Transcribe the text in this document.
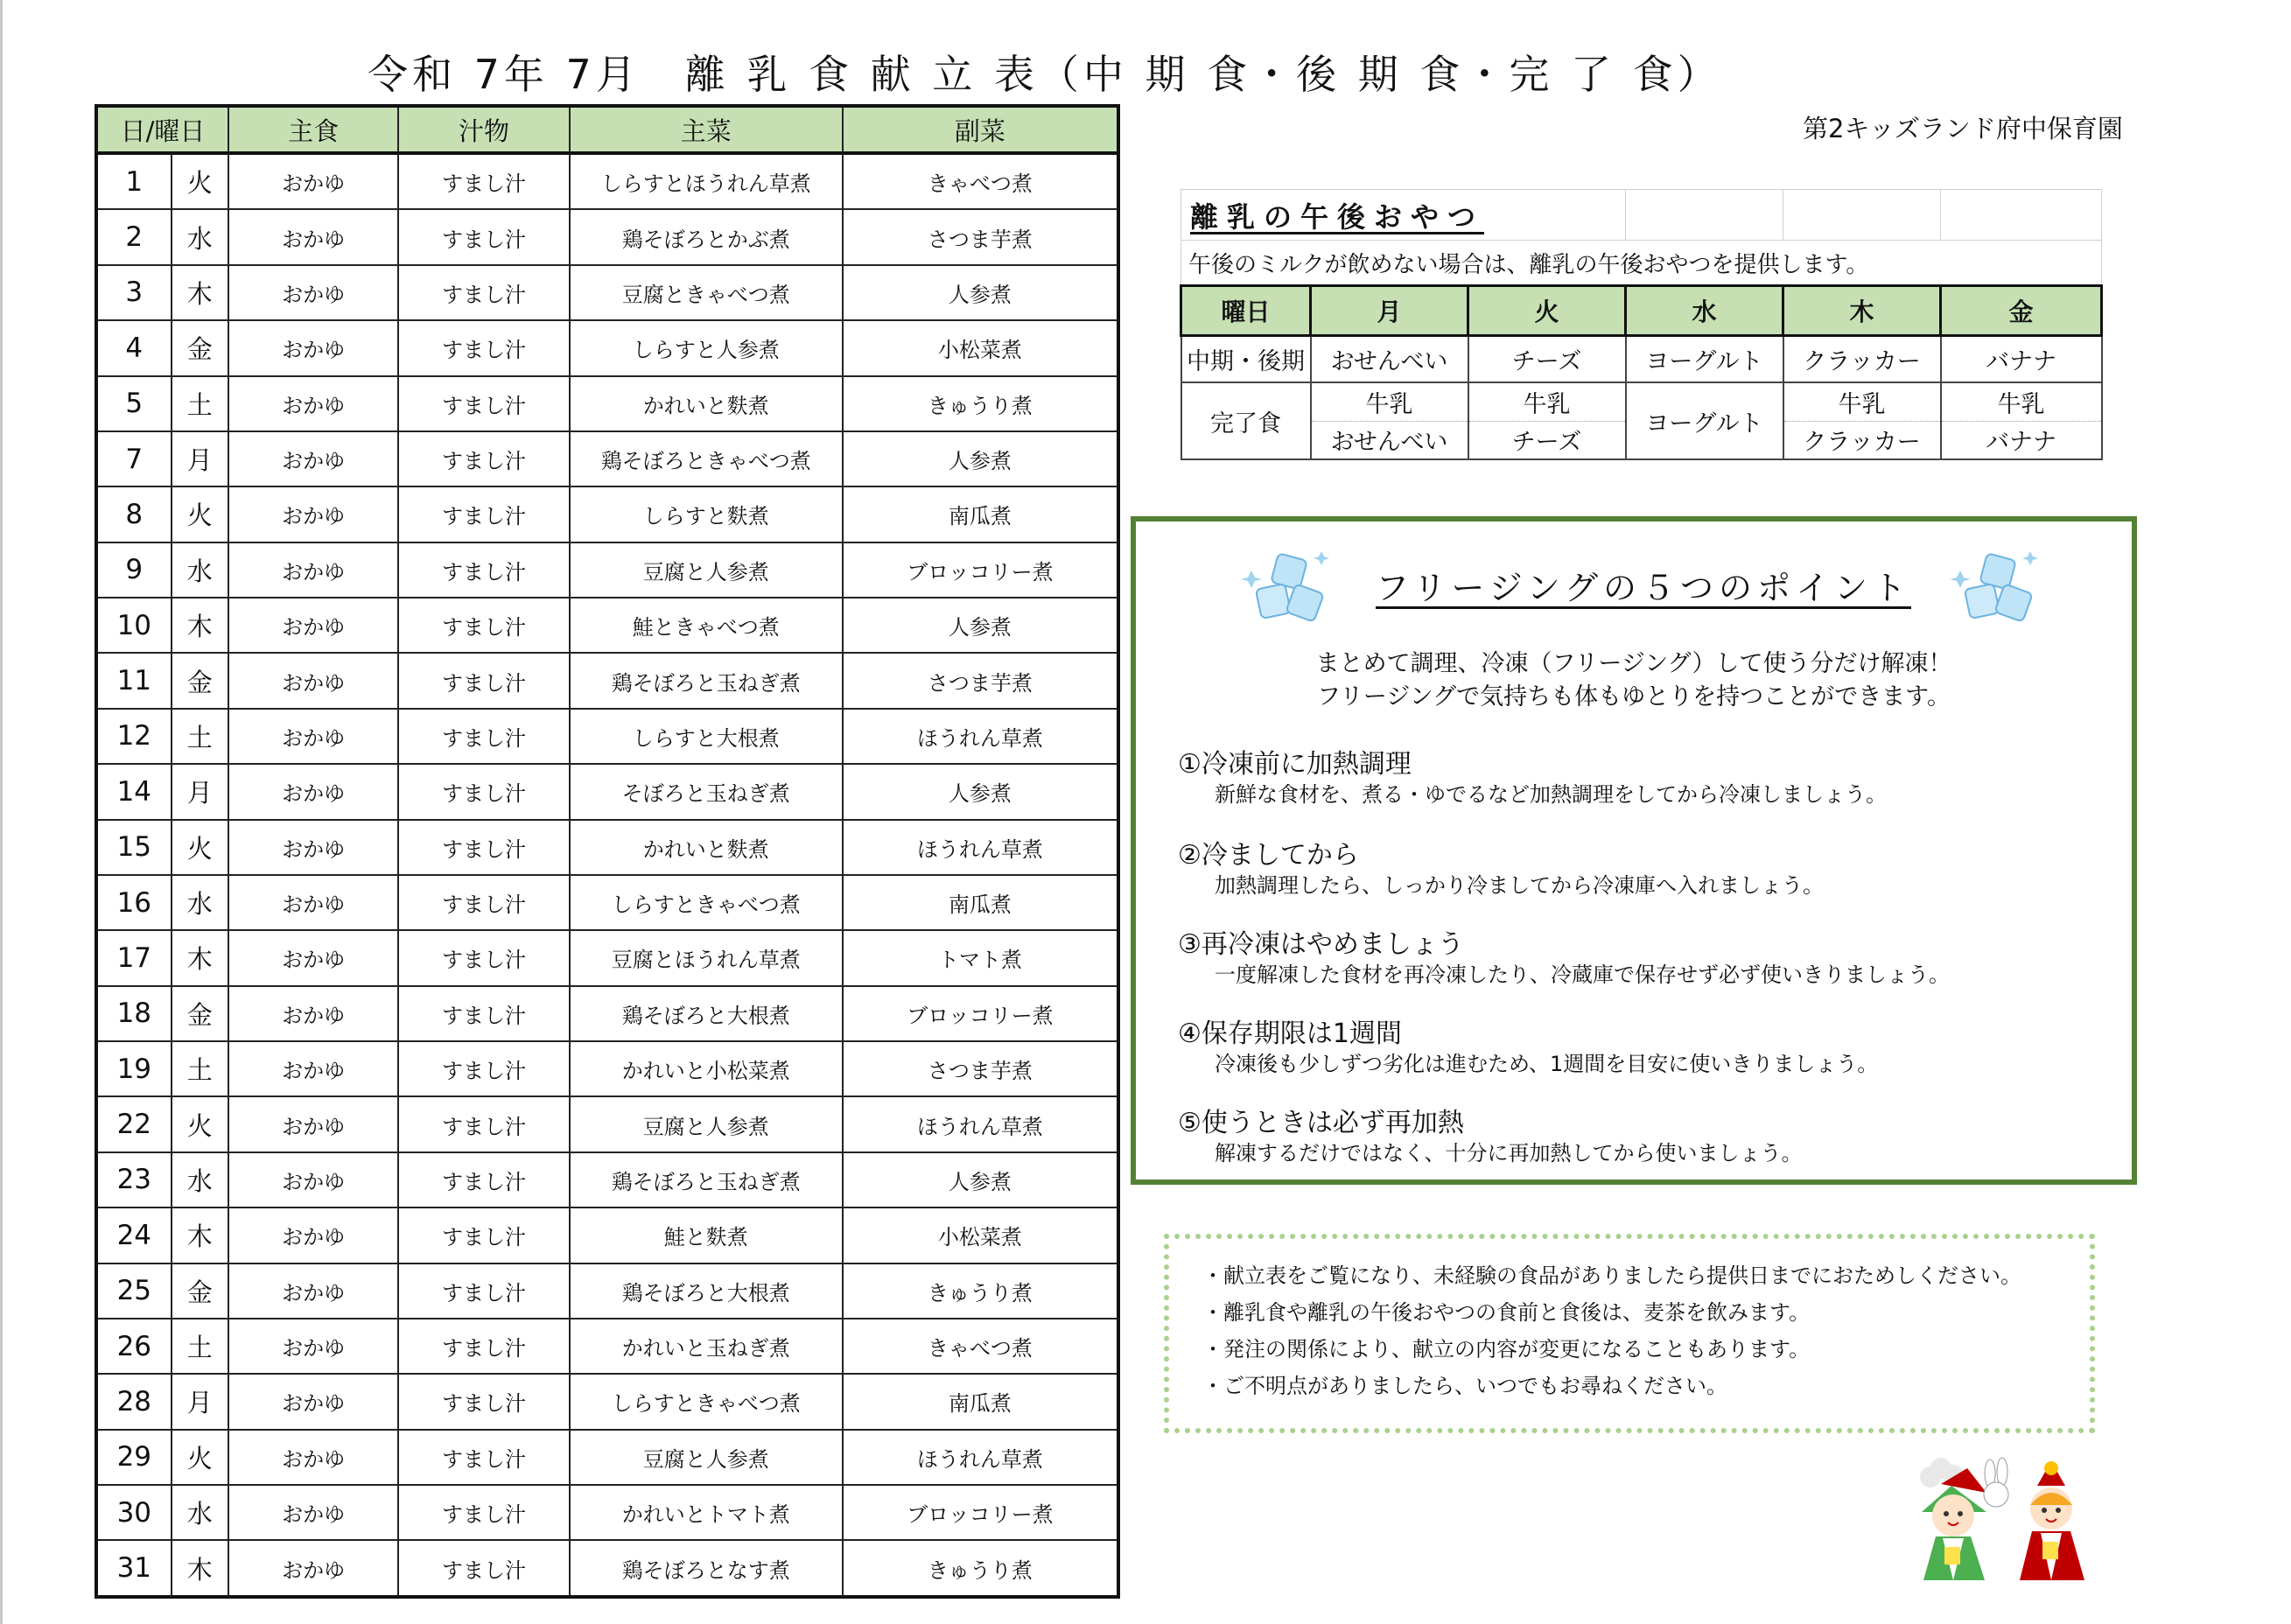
令和 7年 7月　離 乳 食 献 立 表（中 期 食・後 期 食・完 了 食）
第2キッズランド府中保育園
日/曜日		主食	汁物	主菜	副菜
1	火	おかゆ	すまし汁	しらすとほうれん草煮	きゃべつ煮
2	水	おかゆ	すまし汁	鶏そぼろとかぶ煮	さつま芋煮
3	木	おかゆ	すまし汁	豆腐ときゃべつ煮	人参煮
4	金	おかゆ	すまし汁	しらすと人参煮	小松菜煮
5	土	おかゆ	すまし汁	かれいと麩煮	きゅうり煮
7	月	おかゆ	すまし汁	鶏そぼろときゃべつ煮	人参煮
8	火	おかゆ	すまし汁	しらすと麩煮	南瓜煮
9	水	おかゆ	すまし汁	豆腐と人参煮	ブロッコリー煮
10	木	おかゆ	すまし汁	鮭ときゃべつ煮	人参煮
11	金	おかゆ	すまし汁	鶏そぼろと玉ねぎ煮	さつま芋煮
12	土	おかゆ	すまし汁	しらすと大根煮	ほうれん草煮
14	月	おかゆ	すまし汁	そぼろと玉ねぎ煮	人参煮
15	火	おかゆ	すまし汁	かれいと麩煮	ほうれん草煮
16	水	おかゆ	すまし汁	しらすときゃべつ煮	南瓜煮
17	木	おかゆ	すまし汁	豆腐とほうれん草煮	トマト煮
18	金	おかゆ	すまし汁	鶏そぼろと大根煮	ブロッコリー煮
19	土	おかゆ	すまし汁	かれいと小松菜煮	さつま芋煮
22	火	おかゆ	すまし汁	豆腐と人参煮	ほうれん草煮
23	水	おかゆ	すまし汁	鶏そぼろと玉ねぎ煮	人参煮
24	木	おかゆ	すまし汁	鮭と麩煮	小松菜煮
25	金	おかゆ	すまし汁	鶏そぼろと大根煮	きゅうり煮
26	土	おかゆ	すまし汁	かれいと玉ねぎ煮	きゃべつ煮
28	月	おかゆ	すまし汁	しらすときゃべつ煮	南瓜煮
29	火	おかゆ	すまし汁	豆腐と人参煮	ほうれん草煮
30	水	おかゆ	すまし汁	かれいとトマト煮	ブロッコリー煮
31	木	おかゆ	すまし汁	鶏そぼろとなす煮	きゅうり煮
離乳の午後おやつ					
午後のミルクが飲めない場合は、離乳の午後おやつを提供します。					
曜日	月	火	水	木	金
中期・後期	おせんべい	チーズ	ヨーグルト	クラッカー	バナナ
完了食	牛乳	牛乳	ヨーグルト	牛乳	牛乳
	おせんべい	チーズ		クラッカー	バナナ
フリージングの５つのポイント
まとめて調理、冷凍（フリージング）して使う分だけ解凍！
フリージングで気持ちも体もゆとりを持つことができます。
①冷凍前に加熱調理
新鮮な食材を、煮る・ゆでるなど加熱調理をしてから冷凍しましょう。
②冷ましてから
加熱調理したら、しっかり冷ましてから冷凍庫へ入れましょう。
③再冷凍はやめましょう
一度解凍した食材を再冷凍したり、冷蔵庫で保存せず必ず使いきりましょう。
④保存期限は1週間
冷凍後も少しずつ劣化は進むため、1週間を目安に使いきりましょう。
⑤使うときは必ず再加熱
解凍するだけではなく、十分に再加熱してから使いましょう。
・献立表をご覧になり、未経験の食品がありましたら提供日までにおためしください。
・離乳食や離乳の午後おやつの食前と食後は、麦茶を飲みます。
・発注の関係により、献立の内容が変更になることもあります。
・ご不明点がありましたら、いつでもお尋ねください。
